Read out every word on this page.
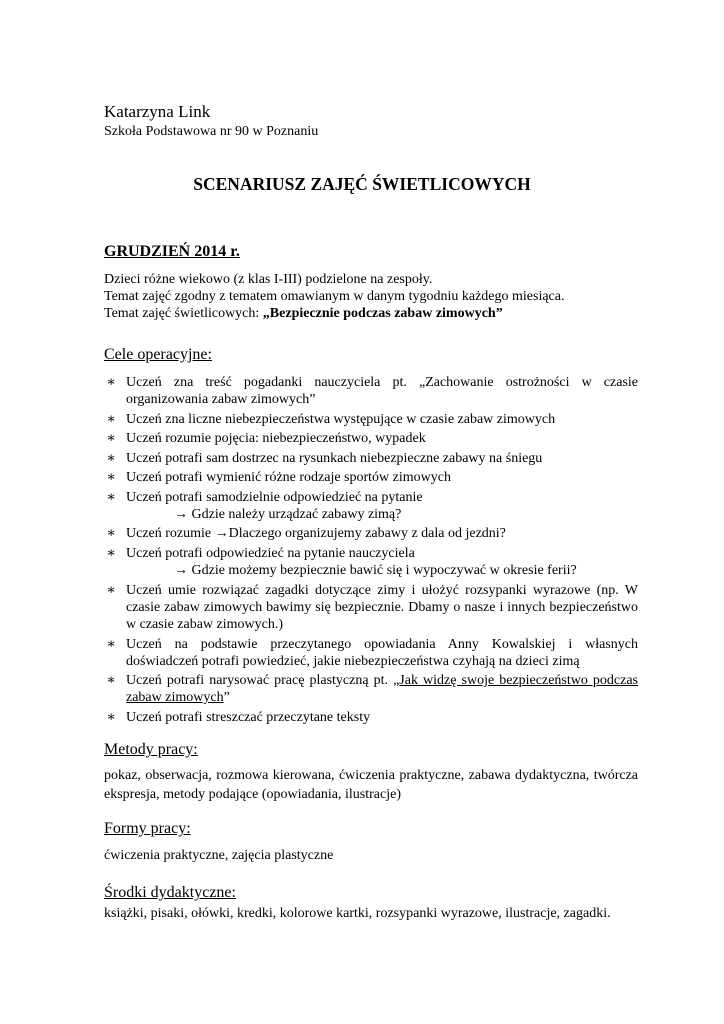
Katarzyna Link
Szkoła Podstawowa nr 90 w Poznaniu
SCENARIUSZ ZAJĘĆ ŚWIETLICOWYCH
GRUDZIEŃ 2014 r.
Dzieci różne wiekowo (z klas I-III) podzielone na zespoły.
Temat zajęć zgodny z tematem omawianym w danym tygodniu każdego miesiąca.
Temat zajęć świetlicowych: „Bezpiecznie podczas zabaw zimowych”
Cele operacyjne:
∗ Uczeń zna treść pogadanki nauczyciela pt. „Zachowanie ostrożności w czasie organizowania zabaw zimowych”
∗ Uczeń zna liczne niebezpieczeństwa występujące w czasie zabaw zimowych
∗ Uczeń rozumie pojęcia: niebezpieczeństwo, wypadek
∗ Uczeń potrafi sam dostrzec na rysunkach niebezpieczne zabawy na śniegu
∗ Uczeń potrafi wymienić różne rodzaje sportów zimowych
∗ Uczeń potrafi samodzielnie odpowiedzieć na pytanie
→ Gdzie należy urządzać zabawy zimą?
∗ Uczeń rozumie →Dlaczego organizujemy zabawy z dala od jezdni?
∗ Uczeń potrafi odpowiedzieć na pytanie nauczyciela
→ Gdzie możemy bezpiecznie bawić się i wypoczywać w okresie ferii?
∗ Uczeń umie rozwiązać zagadki dotyczące zimy i ułożyć rozsypanki wyrazowe (np. W czasie zabaw zimowych bawimy się bezpiecznie. Dbamy o nasze i innych bezpieczeństwo w czasie zabaw zimowych.)
∗ Uczeń na podstawie przeczytanego opowiadania Anny Kowalskiej i własnych doświadczeń potrafi powiedzieć, jakie niebezpieczeństwa czyhają na dzieci zimą
∗ Uczeń potrafi narysować pracę plastyczną pt. „Jak widzę swoje bezpieczeństwo podczas zabaw zimowych”
∗ Uczeń potrafi streszczać przeczytane teksty
Metody pracy:
pokaz, obserwacja, rozmowa kierowana, ćwiczenia praktyczne, zabawa dydaktyczna, twórcza ekspresja, metody podające (opowiadania, ilustracje)
Formy pracy:
ćwiczenia praktyczne, zajęcia plastyczne
Środki dydaktyczne:
książki, pisaki, ołówki, kredki, kolorowe kartki, rozsypanki wyrazowe, ilustracje, zagadki.
